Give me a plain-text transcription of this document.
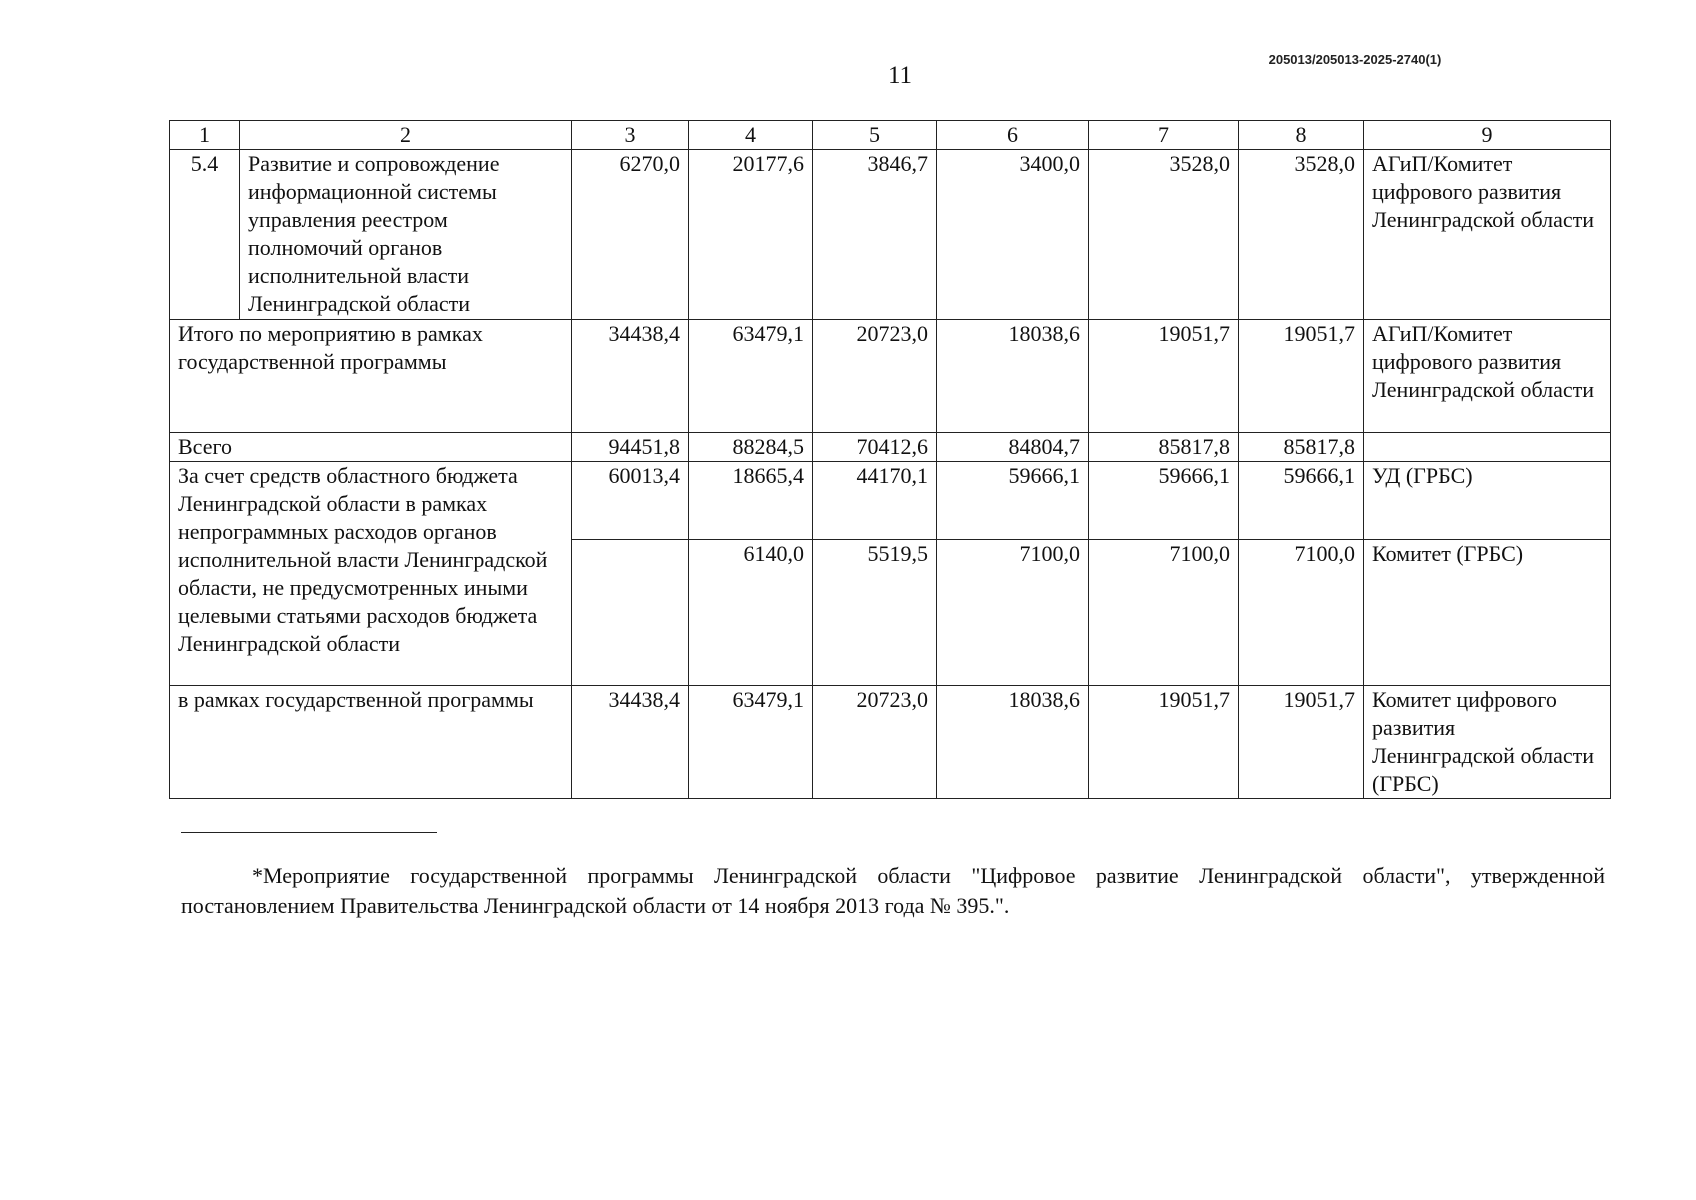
205013/205013-2025-2740(1)
11
1	2	3	4	5	6	7	8	9
5.4	Развитие и сопровождение информационной системы управления реестром полномочий органов исполнительной власти Ленинградской области	6270,0	20177,6	3846,7	3400,0	3528,0	3528,0	АГиП/Комитет цифрового развития Ленинградской области
Итого по мероприятию в рамках государственной программы		34438,4	63479,1	20723,0	18038,6	19051,7	19051,7	АГиП/Комитет цифрового развития Ленинградской области
Всего		94451,8	88284,5	70412,6	84804,7	85817,8	85817,8	
За счет средств областного бюджета Ленинградской области в рамках непрограммных расходов органов исполнительной власти Ленинградской области, не предусмотренных иными целевыми статьями расходов бюджета Ленинградской области		60013,4	18665,4	44170,1	59666,1	59666,1	59666,1	УД (ГРБС)
			6140,0	5519,5	7100,0	7100,0	7100,0	Комитет (ГРБС)
в рамках государственной программы		34438,4	63479,1	20723,0	18038,6	19051,7	19051,7	Комитет цифрового развития Ленинградской области (ГРБС)
*Мероприятие государственной программы Ленинградской области "Цифровое развитие Ленинградской области", утвержденной постановлением Правительства Ленинградской области от 14 ноября 2013 года № 395.".
